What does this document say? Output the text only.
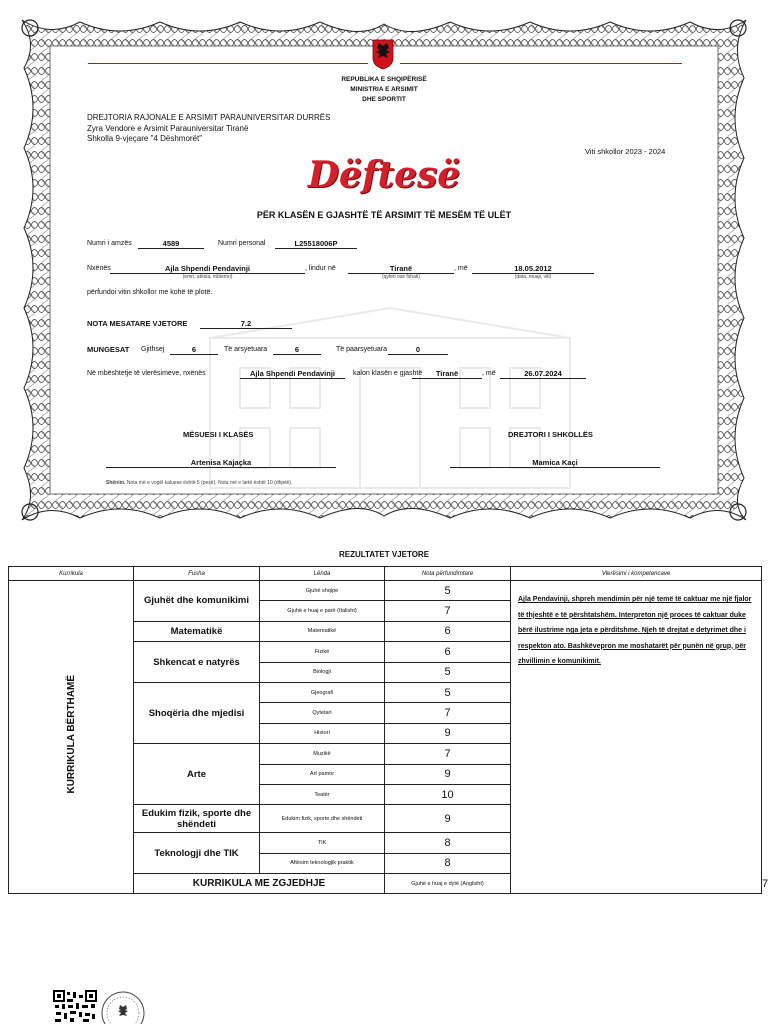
REPUBLIKA E SHQIPËRISË
MINISTRIA E ARSIMIT
DHE SPORTIT
DREJTORIA RAJONALE E ARSIMIT PARAUNIVERSITAR DURRËS
Zyra Vendore e Arsimit Parauniversitar Tiranë
Shkolla 9-vjeçare "4 Dëshmorët"
Viti shkollor 2023 - 2024
Dëftesë
PËR KLASËN E GJASHTË TË ARSIMIT TË MESËM TË ULËT
Numri i amzës	4589	Numri personal	L25518006P
Nxënës	Ajla Shpendi Pendavinji
(emri, atësia, mbiemri)
, lindur në	Tiranë
(qyteti ose fshati)
, më	18.05.2012
(data, muaji, viti)
përfundoi vitin shkollor me kohë të plotë.
NOTA MESATARE VJETORE	7.2
MUNGESAT Gjithsej	6	Të arsyetuara	6	Të paarsyetuara	0
Në mbështetje të vlerësimeve, nxënës	Ajla Shpendi Pendavinji	kalon klasën e gjashtë	Tiranë	, më	26.07.2024
MËSUESI I KLASËS
Artenisa Kajaçka
DREJTORI I SHKOLLËS
Mamica Kaçi
Shënim. Nota më e vogël kaluese është 5 (pesë). Nota më e lartë është 10 (dhjetë).
REZULTATET VJETORE
Kurrikula	Fusha	Lënda	Nota përfundimtare	Vlerësimi i kompetencave	
KURRIKULA BËRTHAMË	Gjuhët dhe komunikimi	Gjuhë shqipe	5	Ajla Pendavinji, shpreh mendimin për një temë të caktuar me një fjalor të thjeshtë e të përshtatshëm. Interpreton një proces të caktuar duke bërë ilustrime nga jeta e përditshme. Njeh të drejtat e detyrimet dhe i respekton ato. Bashkëvepron me moshatarët për punën në grup, për zhvillimin e komunikimit.	
		Gjuhë e huaj e parë (Italisht)	7		
	Matematikë	Matematikë	6		
	Shkencat e natyrës	Fizikë	6		
		Biologji	5		
	Shoqëria dhe mjedisi	Gjeografi	5		
		Qytetari	7		
		Histori	9		
	Arte	Muzikë	7		
		Art pamor	9		
		Teatër	10		
	Edukim fizik, sporte dhe shëndeti	Edukim fizik, sporte dhe shëndeti	9		
	Teknologji dhe TIK	TIK	8		
		Aftësim teknologjik praktik	8		
	KURRIKULA ME ZGJEDHJE		Gjuhë e huaj e dytë (Anglisht)		7
